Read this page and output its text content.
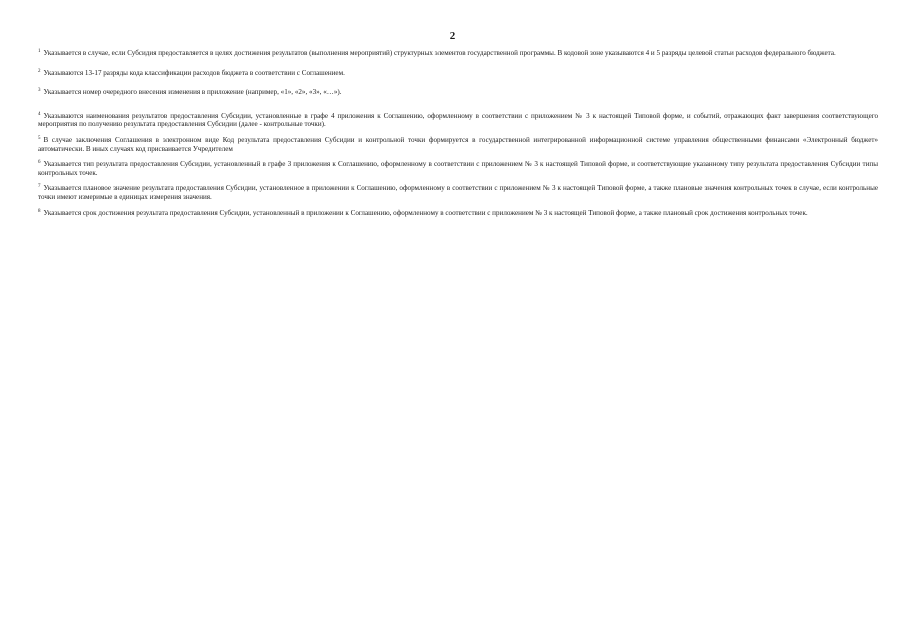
2

$^1$ Указывается в случае, если Субсидия предоставляется в целях достижения результатов (выполнения мероприятий) структурных элементов государственной программы. В кодовой зоне указываются 4 и 5 разряды целевой статьи расходов федерального бюджета.

$^2$ Указываются 13-17 разряды кода классификации расходов бюджета в соответствии с Соглашением.

$^3$ Указывается номер очередного внесения изменения в приложение (например, «1», «2», «3», «…»).

$^4$ Указываются наименования результатов предоставления Субсидии, установленные в графе 4 приложения к Соглашению, оформленному в соответствии с приложением № 3 к настоящей Типовой форме, и событий, отражающих факт завершения соответствующего мероприятия по получению результата предоставления Субсидии (далее - контрольные точки).

$^5$ В случае заключения Соглашения в электронном виде Код результата предоставления Субсидии и контрольной точки формируется в государственной интегрированной информационной системе управления общественными финансами «Электронный бюджет» автоматически. В иных случаях код присваивается Учредителем

$^6$ Указывается тип результата предоставления Субсидии, установленный в графе 3 приложения к Соглашению, оформленному в соответствии с приложением № 3 к настоящей Типовой форме, и соответствующие указанному типу результата предоставления Субсидии типы контрольных точек.

$^7$ Указывается плановое значение результата предоставления Субсидии, установленное в приложении к Соглашению, оформленному в соответствии с приложением № 3 к настоящей Типовой форме, а также плановые значения контрольных точек в случае, если контрольные точки имеют измеримые в единицах измерения значения.

$^8$ Указывается срок достижения результата предоставления Субсидии, установленный в приложении к Соглашению, оформленному в соответствии с приложением № 3 к настоящей Типовой форме, а также плановый срок достижения контрольных точек.
